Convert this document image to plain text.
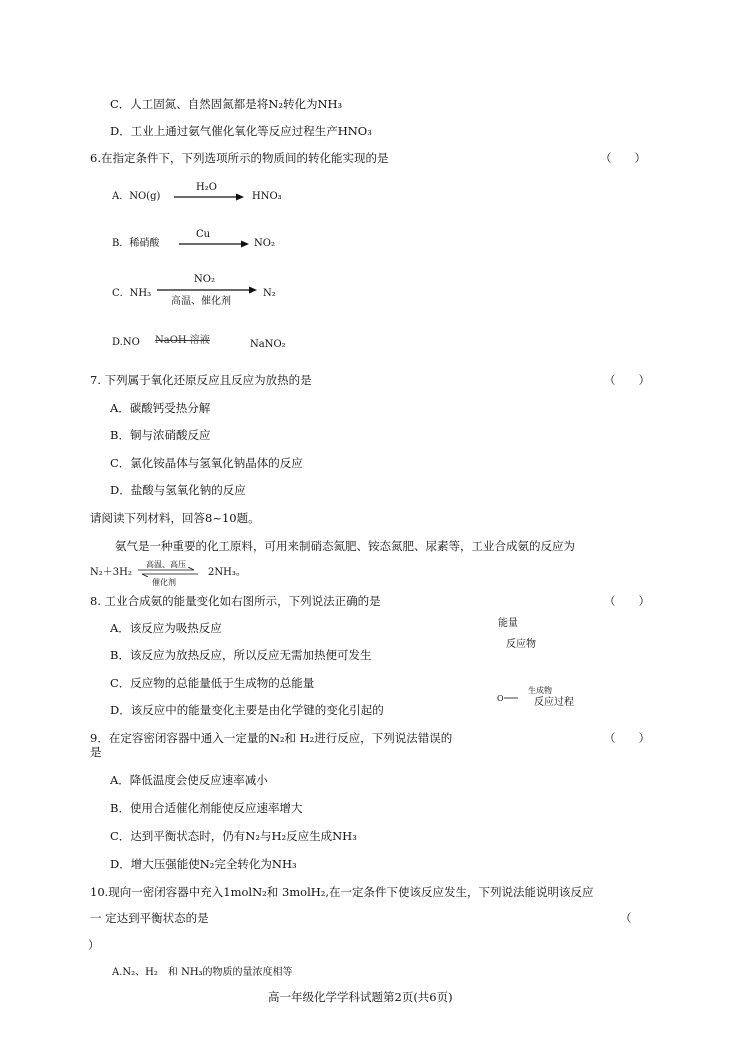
C．人工固氮、自然固氮都是将N₂转化为NH₃
D．工业上通过氨气催化氧化等反应过程生产HNO₃
6.在指定条件下，下列选项所示的物质间的转化能实现的是	（　　）
A．NO(g)
H₂O
HNO₃
B．稀硝酸
Cu
NO₂
C．NH₃
NO₂
高温、催化剂
N₂
D.NO NaOH 溶液	NaNO₂
7. 下列属于氧化还原反应且反应为放热的是	（　　）
A．碳酸钙受热分解
B．铜与浓硝酸反应
C．氯化铵晶体与氢氧化钠晶体的反应
D．盐酸与氢氧化钠的反应
请阅读下列材料，回答8~10题。
氨气是一种重要的化工原料，可用来制硝态氮肥、铵态氮肥、尿素等，工业合成氨的反应为
N₂＋3H₂
高温、高压
催化剂
2NH₃。
8. 工业合成氨的能量变化如右图所示，下列说法正确的是	（　　）
A．该反应为吸热反应
B．该反应为放热反应，所以反应无需加热便可发生
C．反应物的总能量低于生成物的总能量
D．该反应中的能量变化主要是由化学键的变化引起的
能量
反应物
O
生成物
反应过程
9．在定容密闭容器中通入一定量的N₂和 H₂进行反应，下列说法错误的
是
（　　）
A．降低温度会使反应速率减小
B．使用合适催化剂能使反应速率增大
C．达到平衡状态时，仍有N₂与H₂反应生成NH₃
D．增大压强能使N₂完全转化为NH₃
10.现向一密闭容器中充入1molN₂和 3molH₂,在一定条件下使该反应发生，下列说法能说明该反应
一 定达到平衡状态的是	（
）
A.N₂、H₂　和 NH₃的物质的量浓度相等
高一年级化学学科试题第2页(共6页)
